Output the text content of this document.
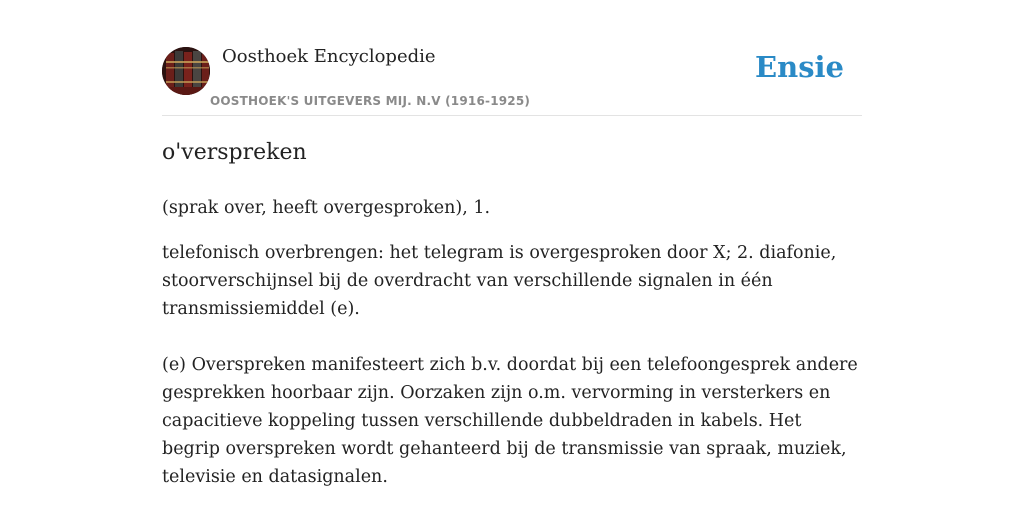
Oosthoek Encyclopedie
OOSTHOEK'S UITGEVERS MIJ. N.V (1916-1925)
Ensie
o'verspreken
(sprak over, heeft overgesproken), 1.

telefonisch overbrengen: het telegram is overgesproken door X; 2. diafonie, stoorverschijnsel bij de overdracht van verschillende signalen in één transmissiemiddel (e).

(e) Overspreken manifesteert zich b.v. doordat bij een telefoongesprek andere gesprekken hoorbaar zijn. Oorzaken zijn o.m. vervorming in versterkers en capacitieve koppeling tussen verschillende dubbeldraden in kabels. Het begrip overspreken wordt gehanteerd bij de transmissie van spraak, muziek, televisie en datasignalen.
